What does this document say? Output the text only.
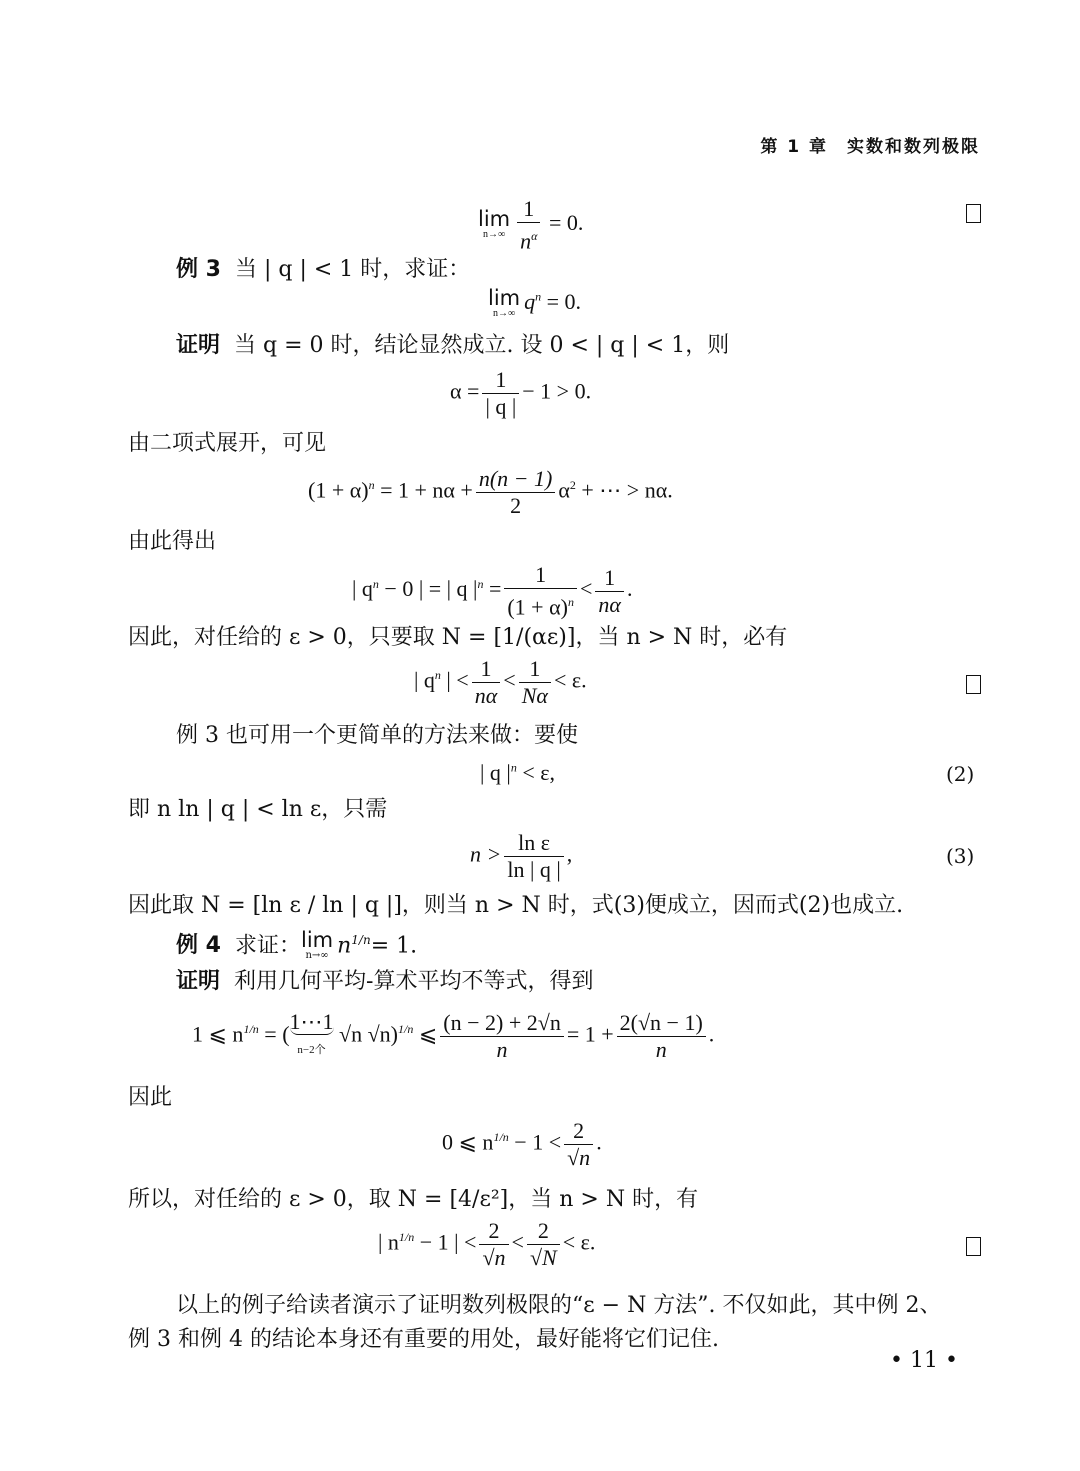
第 1 章　实数和数列极限
lim
$n\to\infty \frac{1}{n^\alpha} = 0$.
例 3 当 | q | < 1 时，求证：
lim
n→∞ $q^n = 0$.
证明 当 q = 0 时，结论显然成立. 设 0 < | q | < 1，则
$\alpha = \frac{1}{| q |} - 1 > 0$.
由二项式展开，可见
$(1 + \alpha)^n = 1 + n\alpha + \frac{n(n - 1)}{2} \alpha^2$ + ⋯ > nα.
由此得出
| $q^n - 0$ | = | q $|^n = \frac{1}{(1 + \alpha)^n} < \frac{1}{n\alpha}$ .
因此，对任给的 ε > 0，只要取 N = [1/(αε)]，当 n > N 时，必有
| $q^n$ | < $\frac{1}{n\alpha} < \frac{1}{N\alpha} < \varepsilon$.
例 3 也可用一个更简单的方法来做：要使
| q $|^n < \varepsilon$,	(2)
即 n ln | q | < ln ε，只需
$n > \frac{\text{ln ε}}{\ln | q |}$ ,	(3)
因此取 N = [ln ε / ln | q |]，则当 n > N 时，式(3)便成立，因而式(2)也成立.
例 4 求证： lim
n→∞ $n^{1/n}= 1$.
证明 利用几何平均-算术平均不等式，得到
1 ⩽ $n^{1/n}$ = (
1⋯1
n−2个
√n √n)$^{1/n}$ ⩽ $\frac{(n - 2) + 2√n}{n} = 1 + \frac{2(√n - 1)}{n}$ .
因此
0 ⩽ $n^{1/n} - 1 < \frac{2}{√n}$ .
所以，对任给的 ε > 0，取 N = [4/ε²]，当 n > N 时，有
| $n^{1/n} - 1$ | < $\frac{2}{√n} < \frac{2}{√N} < \varepsilon$.
以上的例子给读者演示了证明数列极限的“ε − N 方法”. 不仅如此，其中例 2、
例 3 和例 4 的结论本身还有重要的用处，最好能将它们记住.
• 11 •
